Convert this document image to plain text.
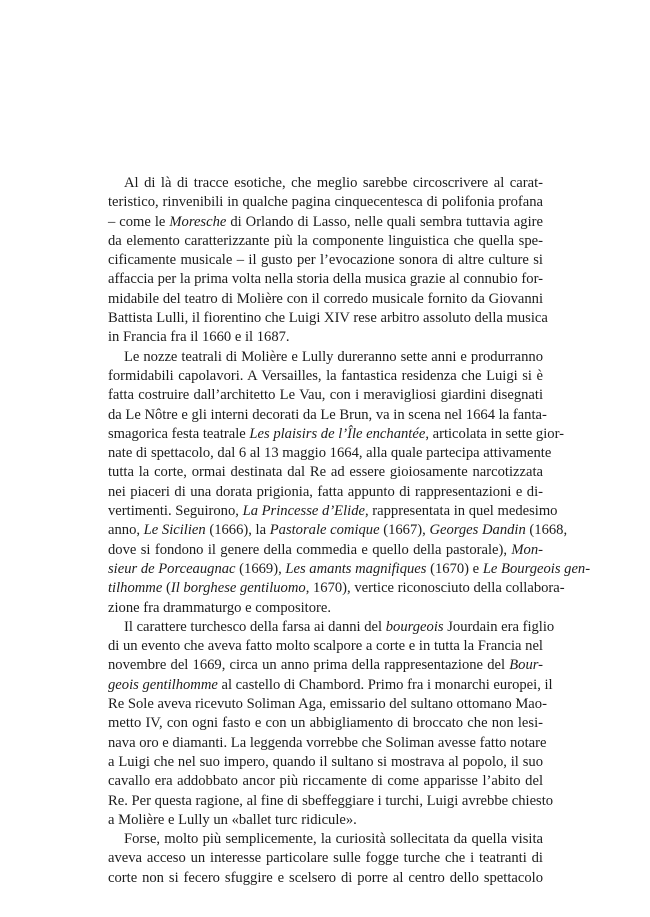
Al di là di tracce esotiche, che meglio sarebbe circoscrivere al carat-
teristico, rinvenibili in qualche pagina cinquecentesca di polifonia profana
– come le Moresche di Orlando di Lasso, nelle quali sembra tuttavia agire
da elemento caratterizzante più la componente linguistica che quella spe-
cificamente musicale – il gusto per l’evocazione sonora di altre culture si
affaccia per la prima volta nella storia della musica grazie al connubio for-
midabile del teatro di Molière con il corredo musicale fornito da Giovanni
Battista Lulli, il fiorentino che Luigi XIV rese arbitro assoluto della musica
in Francia fra il 1660 e il 1687.

Le nozze teatrali di Molière e Lully dureranno sette anni e produrranno
formidabili capolavori. A Versailles, la fantastica residenza che Luigi si è
fatta costruire dall’architetto Le Vau, con i meravigliosi giardini disegnati
da Le Nôtre e gli interni decorati da Le Brun, va in scena nel 1664 la fanta-
smagorica festa teatrale Les plaisirs de l’Île enchantée, articolata in sette gior-
nate di spettacolo, dal 6 al 13 maggio 1664, alla quale partecipa attivamente
tutta la corte, ormai destinata dal Re ad essere gioiosamente narcotizzata
nei piaceri di una dorata prigionia, fatta appunto di rappresentazioni e di-
vertimenti. Seguirono, La Princesse d’Elide, rappresentata in quel medesimo
anno, Le Sicilien (1666), la Pastorale comique (1667), Georges Dandin (1668,
dove si fondono il genere della commedia e quello della pastorale), Mon-
sieur de Porceaugnac (1669), Les amants magnifiques (1670) e Le Bourgeois gen-
tilhomme (Il borghese gentiluomo, 1670), vertice riconosciuto della collabora-
zione fra drammaturgo e compositore.

Il carattere turchesco della farsa ai danni del bourgeois Jourdain era figlio
di un evento che aveva fatto molto scalpore a corte e in tutta la Francia nel
novembre del 1669, circa un anno prima della rappresentazione del Bour-
geois gentilhomme al castello di Chambord. Primo fra i monarchi europei, il
Re Sole aveva ricevuto Soliman Aga, emissario del sultano ottomano Mao-
metto IV, con ogni fasto e con un abbigliamento di broccato che non lesi-
nava oro e diamanti. La leggenda vorrebbe che Soliman avesse fatto notare
a Luigi che nel suo impero, quando il sultano si mostrava al popolo, il suo
cavallo era addobbato ancor più riccamente di come apparisse l’abito del
Re. Per questa ragione, al fine di sbeffeggiare i turchi, Luigi avrebbe chiesto
a Molière e Lully un «ballet turc ridicule».

Forse, molto più semplicemente, la curiosità sollecitata da quella visita
aveva acceso un interesse particolare sulle fogge turche che i teatranti di
corte non si fecero sfuggire e scelsero di porre al centro dello spettacolo
